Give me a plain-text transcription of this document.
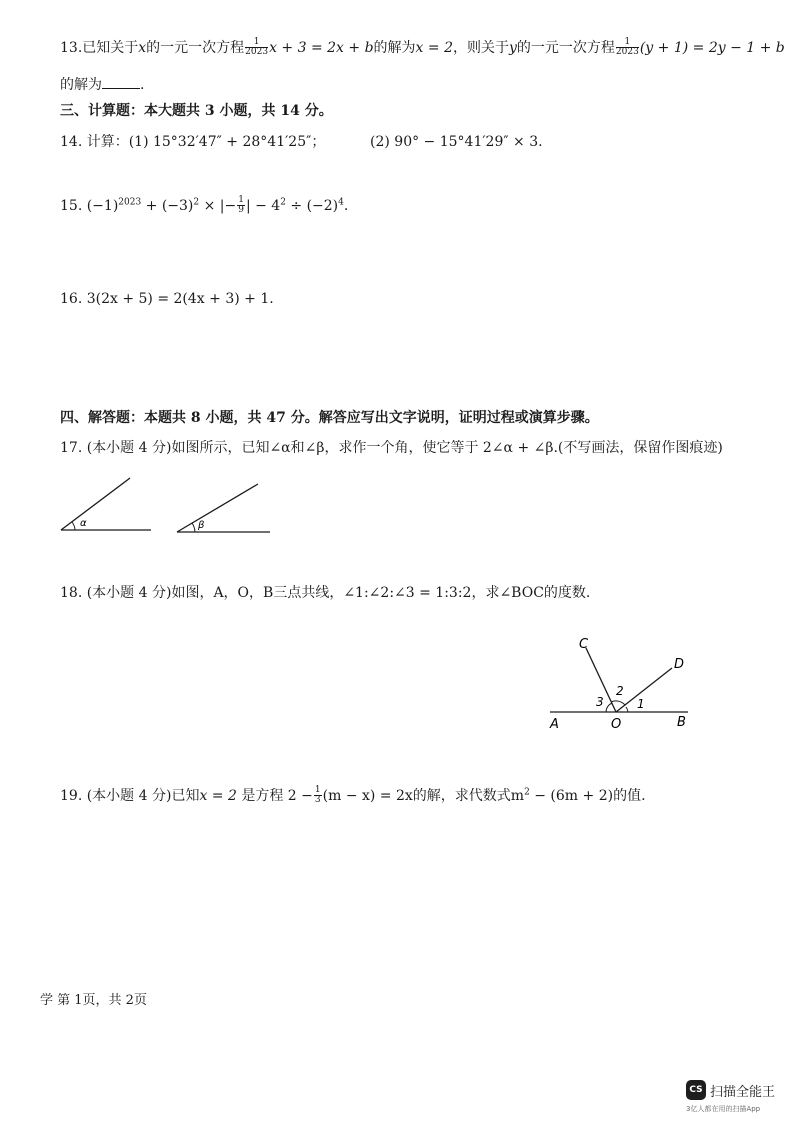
13.已知关于x的一元一次方程 $\frac{1}{2023}$ x + 3 = 2x + b的解为x = 2，则关于y的一元一次方程 $\frac{1}{2023} (y + 1) = 2y - 1 + b$
的解为	.
三、计算题：本大题共 3 小题，共 14 分。
14. 计算：(1) 15°32′47″ + 28°41′25″；	(2) 90° − 15°41′29″ × 3.
15. $(-1)^{2023} + (-3)^2$ × |− $\frac{1}{9}$ | − $4^2 \div (-2)^4$.
16. 3(2x + 5) = 2(4x + 3) + 1.
四、解答题：本题共 8 小题，共 47 分。解答应写出文字说明，证明过程或演算步骤。
17. (本小题 4 分)如图所示，已知∠α和∠β，求作一个角，使它等于 2∠α + ∠β.(不写画法，保留作图痕迹)
α	β
18. (本小题 4 分)如图，A，O，B三点共线，∠1:∠2:∠3 = 1:3:2，求∠BOC的度数.
A	O	B
C
D
1
2
3
19. (本小题 4 分)已知x = 2 是方程 $2 - \frac{1}{3} (m - x) = 2x$的解，求代数式$m^2 - (6m + 2)$的值.
学 第 1页，共 2页
CS 扫描全能王
3亿人都在用的扫描App
